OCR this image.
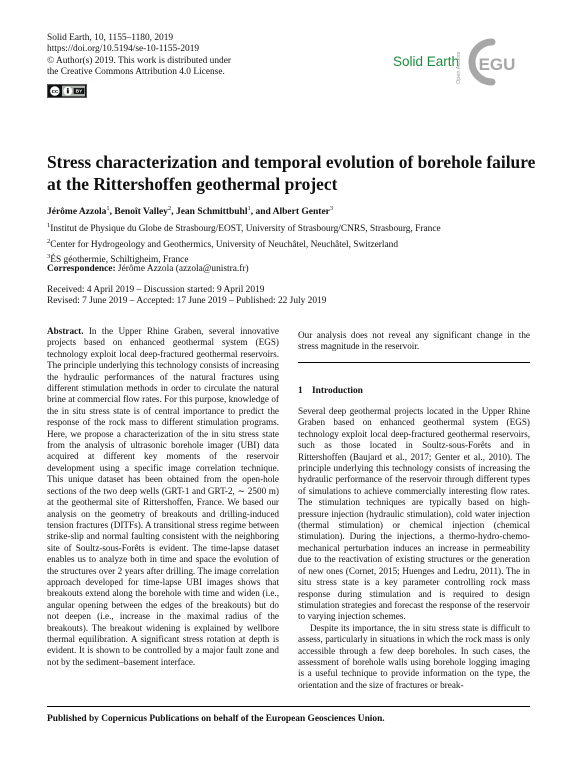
Solid Earth, 10, 1155–1180, 2019
https://doi.org/10.5194/se-10-1155-2019
© Author(s) 2019. This work is distributed under
the Creative Commons Attribution 4.0 License.
cc	BY
Solid Earth
Open Access EGU
Stress characterization and temporal evolution of borehole failure at the Rittershoffen geothermal project
Jérôme Azzola$^1$, Benoît Valley$^2$, Jean Schmittbuhl$^1$, and Albert Genter$^3$
$^1$Institut de Physique du Globe de Strasbourg/EOST, University of Strasbourg/CNRS, Strasbourg, France
$^2$Center for Hydrogeology and Geothermics, University of Neuchâtel, Neuchâtel, Switzerland
$^3$ÉS géothermie, Schiltigheim, France
Correspondence: Jérôme Azzola (azzola@unistra.fr)
Received: 4 April 2019 – Discussion started: 9 April 2019
Revised: 7 June 2019 – Accepted: 17 June 2019 – Published: 22 July 2019

Abstract. In the Upper Rhine Graben, several innovative projects based on enhanced geothermal system (EGS) technology exploit local deep-fractured geothermal reservoirs. The principle underlying this technology consists of increasing the hydraulic performances of the natural fractures using different stimulation methods in order to circulate the natural brine at commercial flow rates. For this purpose, knowledge of the in situ stress state is of central importance to predict the response of the rock mass to different stimulation programs. Here, we propose a characterization of the in situ stress state from the analysis of ultrasonic borehole imager (UBI) data acquired at different key moments of the reservoir development using a specific image correlation technique. This unique dataset has been obtained from the open-hole sections of the two deep wells (GRT-1 and GRT-2, ∼ 2500 m) at the geothermal site of Rittershoffen, France. We based our analysis on the geometry of breakouts and drilling-induced tension fractures (DITFs). A transitional stress regime between strike-slip and normal faulting consistent with the neighboring site of Soultz-sous-Forêts is evident. The time-lapse dataset enables us to analyze both in time and space the evolution of the structures over 2 years after drilling. The image correlation approach developed for time-lapse UBI images shows that breakouts extend along the borehole with time and widen (i.e., angular opening between the edges of the breakouts) but do not deepen (i.e., increase in the maximal radius of the breakouts). The breakout widening is explained by wellbore thermal equilibration. A significant stress rotation at depth is evident. It is shown to be controlled by a major fault zone and not by the sediment–basement interface.

Our analysis does not reveal any significant change in the stress magnitude in the reservoir.

1 Introduction

Several deep geothermal projects located in the Upper Rhine Graben based on enhanced geothermal system (EGS) technology exploit local deep-fractured geothermal reservoirs, such as those located in Soultz-sous-Forêts and in Rittershoffen (Baujard et al., 2017; Genter et al., 2010). The principle underlying this technology consists of increasing the hydraulic performance of the reservoir through different types of simulations to achieve commercially interesting flow rates. The stimulation techniques are typically based on high-pressure injection (hydraulic stimulation), cold water injection (thermal stimulation) or chemical injection (chemical stimulation). During the injections, a thermo-hydro-chemo-mechanical perturbation induces an increase in permeability due to the reactivation of existing structures or the generation of new ones (Cornet, 2015; Huenges and Ledru, 2011). The in situ stress state is a key parameter controlling rock mass response during stimulation and is required to design stimulation strategies and forecast the response of the reservoir to varying injection schemes.

Despite its importance, the in situ stress state is difficult to assess, particularly in situations in which the rock mass is only accessible through a few deep boreholes. In such cases, the assessment of borehole walls using borehole logging imaging is a useful technique to provide information on the type, the orientation and the size of fractures or break-

Published by Copernicus Publications on behalf of the European Geosciences Union.
